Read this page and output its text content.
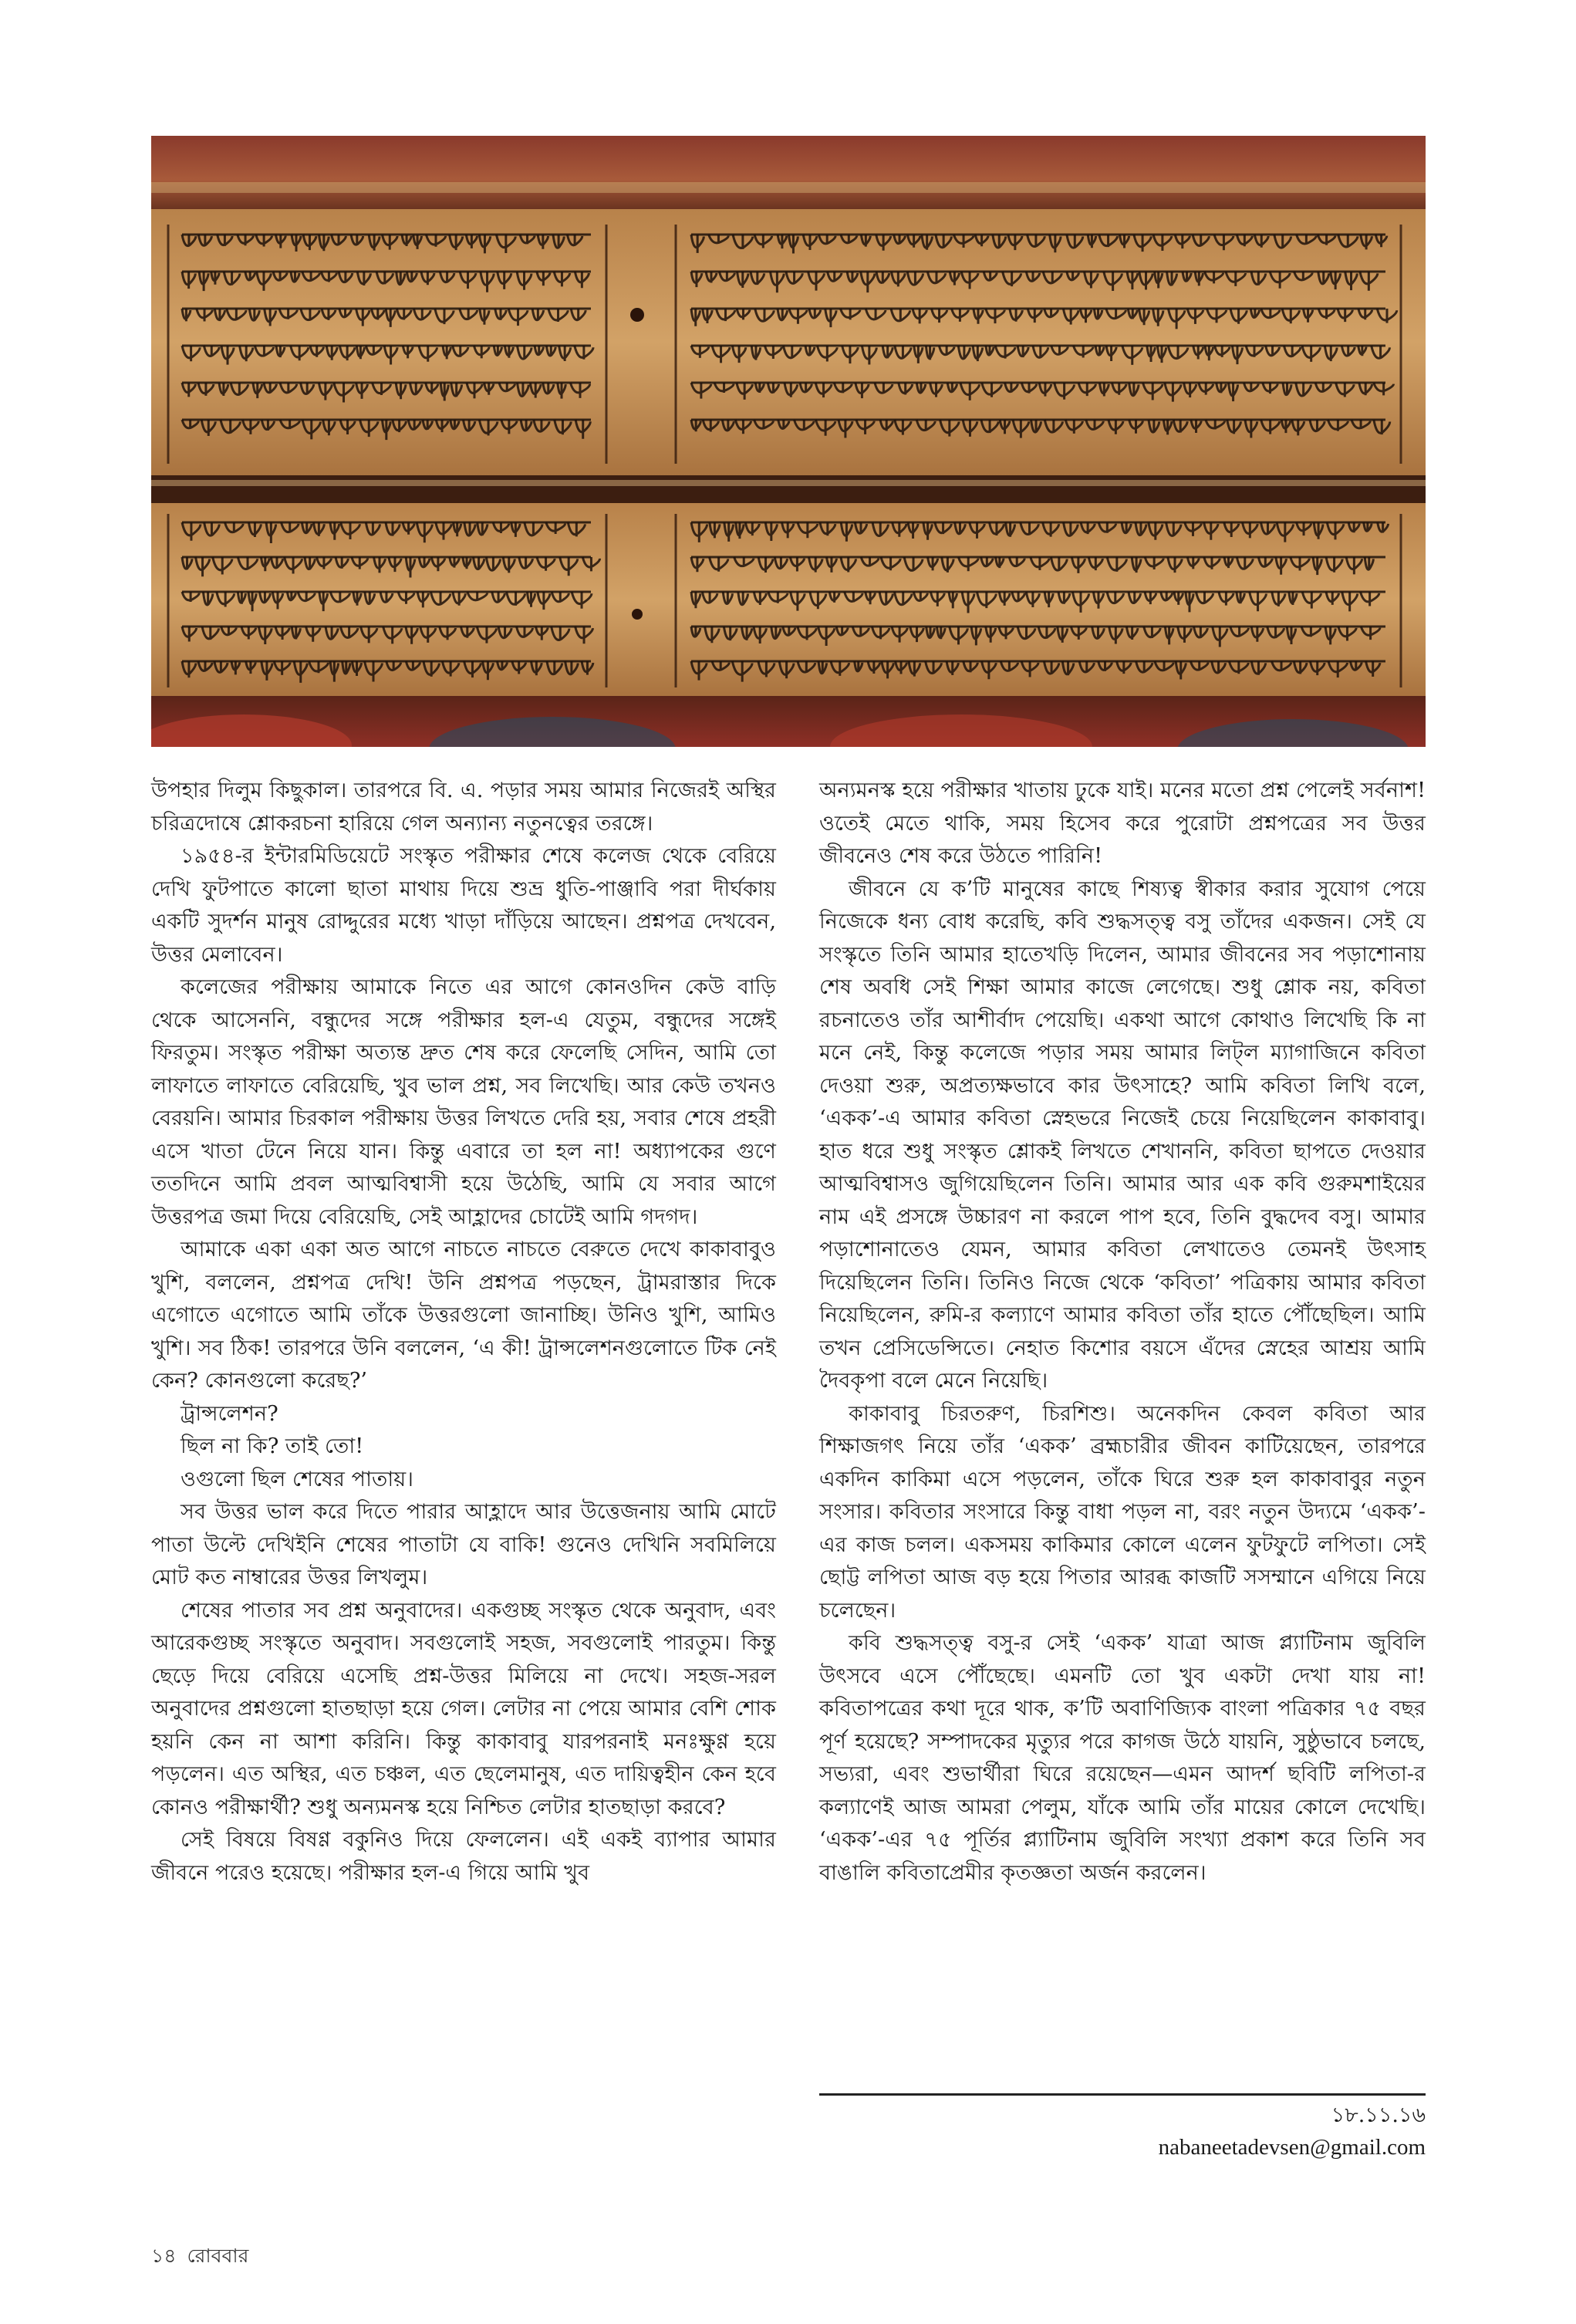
উপহার দিলুম কিছুকাল। তারপরে বি. এ. পড়ার সময় আমার নিজেরই অস্থির চরিত্রদোষে শ্লোকরচনা হারিয়ে গেল অন্যান্য নতুনত্বের তরঙ্গে।

১৯৫৪-র ইন্টারমিডিয়েটে সংস্কৃত পরীক্ষার শেষে কলেজ থেকে বেরিয়ে দেখি ফুটপাতে কালো ছাতা মাথায় দিয়ে শুভ্র ধুতি-পাঞ্জাবি পরা দীর্ঘকায় একটি সুদর্শন মানুষ রোদ্দুরের মধ্যে খাড়া দাঁড়িয়ে আছেন। প্রশ্নপত্র দেখবেন, উত্তর মেলাবেন।

কলেজের পরীক্ষায় আমাকে নিতে এর আগে কোনওদিন কেউ বাড়ি থেকে আসেননি, বন্ধুদের সঙ্গে পরীক্ষার হল-এ যেতুম, বন্ধুদের সঙ্গেই ফিরতুম। সংস্কৃত পরীক্ষা অত্যন্ত দ্রুত শেষ করে ফেলেছি সেদিন, আমি তো লাফাতে লাফাতে বেরিয়েছি, খুব ভাল প্রশ্ন, সব লিখেছি। আর কেউ তখনও বেরয়নি। আমার চিরকাল পরীক্ষায় উত্তর লিখতে দেরি হয়, সবার শেষে প্রহরী এসে খাতা টেনে নিয়ে যান। কিন্তু এবারে তা হল না! অধ্যাপকের গুণে ততদিনে আমি প্রবল আত্মবিশ্বাসী হয়ে উঠেছি, আমি যে সবার আগে উত্তরপত্র জমা দিয়ে বেরিয়েছি, সেই আহ্লাদের চোটেই আমি গদগদ।

আমাকে একা একা অত আগে নাচতে নাচতে বেরুতে দেখে কাকাবাবুও খুশি, বললেন, প্রশ্নপত্র দেখি! উনি প্রশ্নপত্র পড়ছেন, ট্রামরাস্তার দিকে এগোতে এগোতে আমি তাঁকে উত্তরগুলো জানাচ্ছি। উনিও খুশি, আমিও খুশি। সব ঠিক! তারপরে উনি বললেন, ‘এ কী! ট্রান্সলেশনগুলোতে টিক নেই কেন? কোনগুলো করেছ?’

ট্রান্সলেশন?

ছিল না কি? তাই তো!

ওগুলো ছিল শেষের পাতায়।

সব উত্তর ভাল করে দিতে পারার আহ্লাদে আর উত্তেজনায় আমি মোটে পাতা উল্টে দেখিইনি শেষের পাতাটা যে বাকি! গুনেও দেখিনি সবমিলিয়ে মোট কত নাম্বারের উত্তর লিখলুম।

শেষের পাতার সব প্রশ্ন অনুবাদের। একগুচ্ছ সংস্কৃত থেকে অনুবাদ, এবং আরেকগুচ্ছ সংস্কৃতে অনুবাদ। সবগুলোই সহজ, সবগুলোই পারতুম। কিন্তু ছেড়ে দিয়ে বেরিয়ে এসেছি প্রশ্ন-উত্তর মিলিয়ে না দেখে। সহজ-সরল অনুবাদের প্রশ্নগুলো হাতছাড়া হয়ে গেল। লেটার না পেয়ে আমার বেশি শোক হয়নি কেন না আশা করিনি। কিন্তু কাকাবাবু যারপরনাই মনঃক্ষুণ্ণ হয়ে পড়লেন। এত অস্থির, এত চঞ্চল, এত ছেলেমানুষ, এত দায়িত্বহীন কেন হবে কোনও পরীক্ষার্থী? শুধু অন্যমনস্ক হয়ে নিশ্চিত লেটার হাতছাড়া করবে?

সেই বিষয়ে বিষণ্ণ বকুনিও দিয়ে ফেললেন। এই একই ব্যাপার আমার জীবনে পরেও হয়েছে। পরীক্ষার হল-এ গিয়ে আমি খুব

অন্যমনস্ক হয়ে পরীক্ষার খাতায় ঢুকে যাই। মনের মতো প্রশ্ন পেলেই সর্বনাশ! ওতেই মেতে থাকি, সময় হিসেব করে পুরোটা প্রশ্নপত্রের সব উত্তর জীবনেও শেষ করে উঠতে পারিনি!

জীবনে যে ক’টি মানুষের কাছে শিষ্যত্ব স্বীকার করার সুযোগ পেয়ে নিজেকে ধন্য বোধ করেছি, কবি শুদ্ধসত্ত্ব বসু তাঁদের একজন। সেই যে সংস্কৃতে তিনি আমার হাতেখড়ি দিলেন, আমার জীবনের সব পড়াশোনায় শেষ অবধি সেই শিক্ষা আমার কাজে লেগেছে। শুধু শ্লোক নয়, কবিতা রচনাতেও তাঁর আশীর্বাদ পেয়েছি। একথা আগে কোথাও লিখেছি কি না মনে নেই, কিন্তু কলেজে পড়ার সময় আমার লিট্‌ল ম্যাগাজিনে কবিতা দেওয়া শুরু, অপ্রত্যক্ষভাবে কার উৎসাহে? আমি কবিতা লিখি বলে, ‘একক’-এ আমার কবিতা স্নেহভরে নিজেই চেয়ে নিয়েছিলেন কাকাবাবু। হাত ধরে শুধু সংস্কৃত শ্লোকই লিখতে শেখাননি, কবিতা ছাপতে দেওয়ার আত্মবিশ্বাসও জুগিয়েছিলেন তিনি। আমার আর এক কবি গুরুমশাইয়ের নাম এই প্রসঙ্গে উচ্চারণ না করলে পাপ হবে, তিনি বুদ্ধদেব বসু। আমার পড়াশোনাতেও যেমন, আমার কবিতা লেখাতেও তেমনই উৎসাহ দিয়েছিলেন তিনি। তিনিও নিজে থেকে ‘কবিতা’ পত্রিকায় আমার কবিতা নিয়েছিলেন, রুমি-র কল্যাণে আমার কবিতা তাঁর হাতে পৌঁছেছিল। আমি তখন প্রেসিডেন্সিতে। নেহাত কিশোর বয়সে এঁদের স্নেহের আশ্রয় আমি দৈবকৃপা বলে মেনে নিয়েছি।

কাকাবাবু চিরতরুণ, চিরশিশু। অনেকদিন কেবল কবিতা আর শিক্ষাজগৎ নিয়ে তাঁর ‘একক’ ব্রহ্মচারীর জীবন কাটিয়েছেন, তারপরে একদিন কাকিমা এসে পড়লেন, তাঁকে ঘিরে শুরু হল কাকাবাবুর নতুন সংসার। কবিতার সংসারে কিন্তু বাধা পড়ল না, বরং নতুন উদ্যমে ‘একক’-এর কাজ চলল। একসময় কাকিমার কোলে এলেন ফুটফুটে লপিতা। সেই ছোট্ট লপিতা আজ বড় হয়ে পিতার আরব্ধ কাজটি সসম্মানে এগিয়ে নিয়ে চলেছেন।

কবি শুদ্ধসত্ত্ব বসু-র সেই ‘একক’ যাত্রা আজ প্ল্যাটিনাম জুবিলি উৎসবে এসে পৌঁছেছে। এমনটি তো খুব একটা দেখা যায় না! কবিতাপত্রের কথা দূরে থাক, ক’টি অবাণিজ্যিক বাংলা পত্রিকার ৭৫ বছর পূর্ণ হয়েছে? সম্পাদকের মৃত্যুর পরে কাগজ উঠে যায়নি, সুষ্ঠুভাবে চলছে, সভ্যরা, এবং শুভার্থীরা ঘিরে রয়েছেন—এমন আদর্শ ছবিটি লপিতা-র কল্যাণেই আজ আমরা পেলুম, যাঁকে আমি তাঁর মায়ের কোলে দেখেছি। ‘একক’-এর ৭৫ পূর্তির প্ল্যাটিনাম জুবিলি সংখ্যা প্রকাশ করে তিনি সব বাঙালি কবিতাপ্রেমীর কৃতজ্ঞতা অর্জন করলেন।

১৮.১১.১৬
nabaneetadevsen@gmail.com
১৪ রোববার
